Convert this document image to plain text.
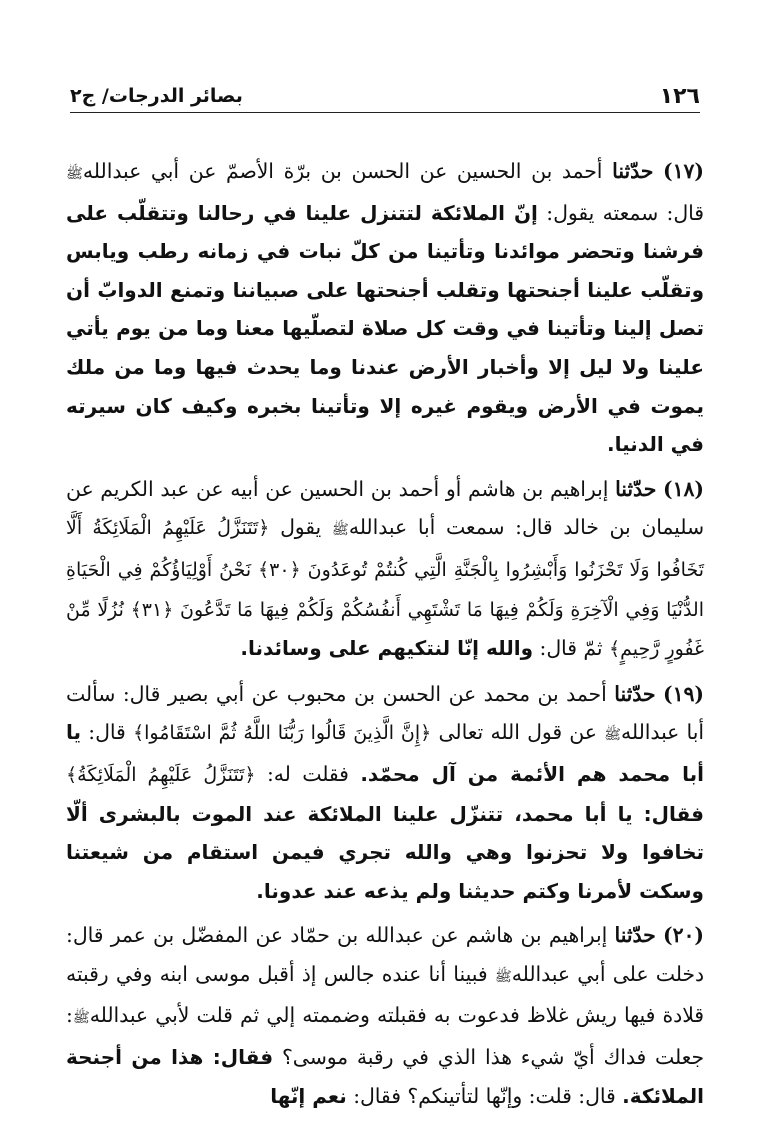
١٢٦
بصائر الدرجات/ ج٢

(١٧) حدّثنا أحمد بن الحسين عن الحسن بن برّة الأصمّ عن أبي عبداللهﷺ قال: سمعته يقول: إنّ الملائكة لتتنزل علينا في رحالنا وتتقلّب على فرشنا وتحضر موائدنا وتأتينا من كلّ نبات في زمانه رطب ويابس وتقلّب علينا أجنحتها وتقلب أجنحتها على صبياننا وتمنع الدوابّ أن تصل إلينا وتأتينا في وقت كل صلاة لتصلّيها معنا وما من يوم يأتي علينا ولا ليل إلا وأخبار الأرض عندنا وما يحدث فيها وما من ملك يموت في الأرض ويقوم غيره إلا وتأتينا بخبره وكيف كان سيرته في الدنيا.

(١٨) حدّثنا إبراهيم بن هاشم أو أحمد بن الحسين عن أبيه عن عبد الكريم عن سليمان بن خالد قال: سمعت أبا عبداللهﷺ يقول ﴿تَتَنَزَّلُ عَلَيْهِمُ الْمَلَائِكَةُ أَلَّا تَخَافُوا وَلَا تَحْزَنُوا وَأَبْشِرُوا بِالْجَنَّةِ الَّتِي كُنتُمْ تُوعَدُونَ ﴿٣٠﴾ نَحْنُ أَوْلِيَاؤُكُمْ فِي الْحَيَاةِ الدُّنْيَا وَفِي الْآخِرَةِ وَلَكُمْ فِيهَا مَا تَشْتَهِي أَنفُسُكُمْ وَلَكُمْ فِيهَا مَا تَدَّعُونَ ﴿٣١﴾ نُزُلًا مِّنْ غَفُورٍ رَّحِيمٍ﴾ ثمّ قال: والله إنّا لنتكيهم على وسائدنا.

(١٩) حدّثنا أحمد بن محمد عن الحسن بن محبوب عن أبي بصير قال: سألت أبا عبداللهﷺ عن قول الله تعالى ﴿إِنَّ الَّذِينَ قَالُوا رَبُّنَا اللَّهُ ثُمَّ اسْتَقَامُوا﴾ قال: يا أبا محمد هم الأئمة من آل محمّد. فقلت له: ﴿تَتَنَزَّلُ عَلَيْهِمُ الْمَلَائِكَةُ﴾ فقال: يا أبا محمد، تتنزّل علينا الملائكة عند الموت بالبشرى ألّا تخافوا ولا تحزنوا وهي والله تجري فيمن استقام من شيعتنا وسكت لأمرنا وكتم حديثنا ولم يذعه عند عدونا.

(٢٠) حدّثنا إبراهيم بن هاشم عن عبدالله بن حمّاد عن المفضّل بن عمر قال: دخلت على أبي عبداللهﷺ فبينا أنا عنده جالس إذ أقبل موسى ابنه وفي رقبته قلادة فيها ريش غلاظ فدعوت به فقبلته وضممته إلي ثم قلت لأبي عبداللهﷺ: جعلت فداك أيّ شيء هذا الذي في رقبة موسى؟ فقال: هذا من أجنحة الملائكة. قال: قلت: وإنّها لتأتينكم؟ فقال: نعم إنّها
